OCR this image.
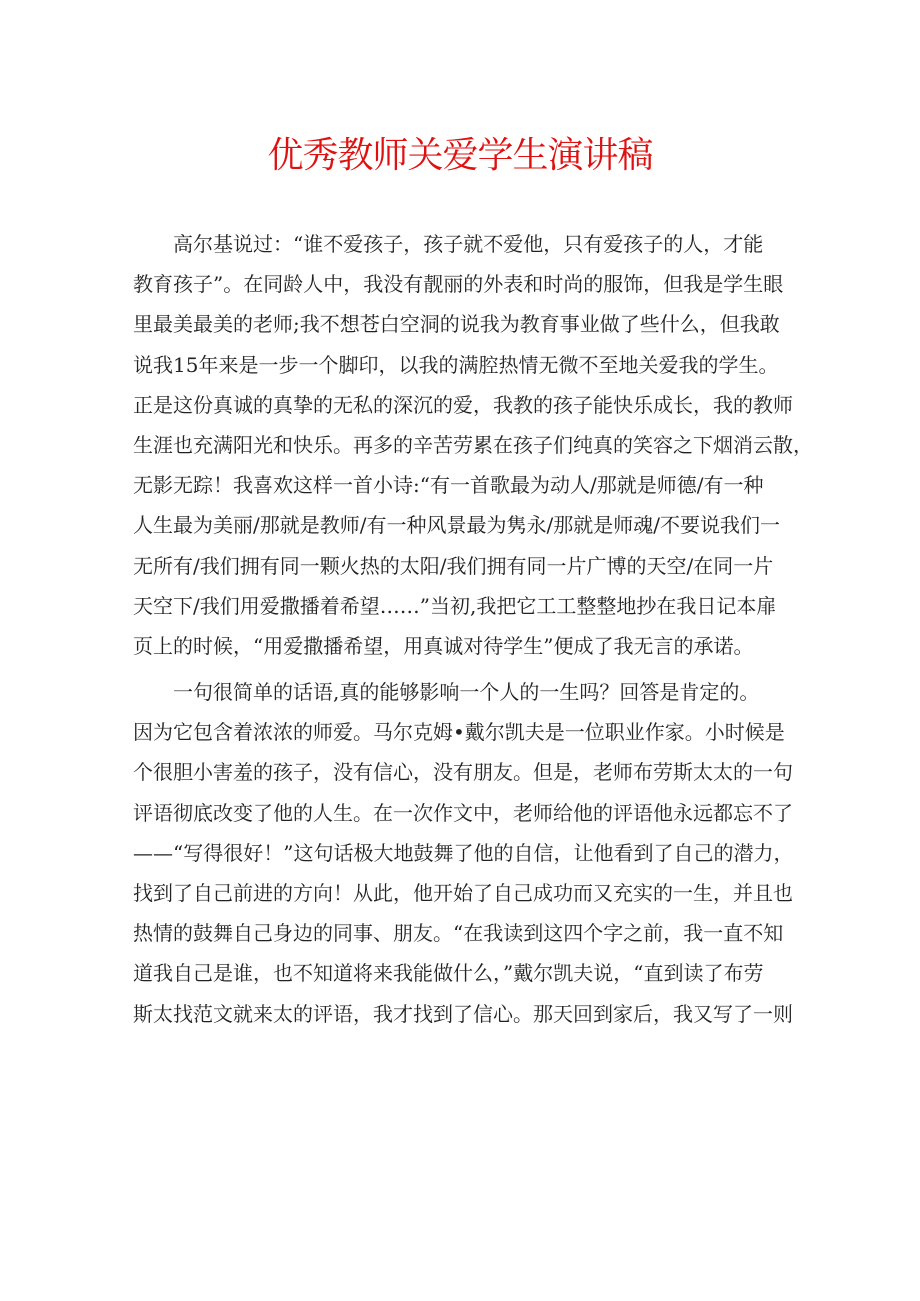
优秀教师关爱学生演讲稿
　　高尔基说过：“谁不爱孩子，孩子就不爱他，只有爱孩子的人，才能
教育孩子”。在同龄人中，我没有靓丽的外表和时尚的服饰，但我是学生眼
里最美最美的老师;我不想苍白空洞的说我为教育事业做了些什么，但我敢
说我15年来是一步一个脚印，以我的满腔热情无微不至地关爱我的学生。
正是这份真诚的真挚的无私的深沉的爱，我教的孩子能快乐成长，我的教师
生涯也充满阳光和快乐。再多的辛苦劳累在孩子们纯真的笑容之下烟消云散，
无影无踪！我喜欢这样一首小诗:“有一首歌最为动人/那就是师德/有一种
人生最为美丽/那就是教师/有一种风景最为隽永/那就是师魂/不要说我们一
无所有/我们拥有同一颗火热的太阳/我们拥有同一片广博的天空/在同一片
天空下/我们用爱撒播着希望……”当初,我把它工工整整地抄在我日记本扉
页上的时候，“用爱撒播希望，用真诚对待学生”便成了我无言的承诺。
　　一句很简单的话语,真的能够影响一个人的一生吗？回答是肯定的。
因为它包含着浓浓的师爱。马尔克姆•戴尔凯夫是一位职业作家。小时候是
个很胆小害羞的孩子，没有信心，没有朋友。但是，老师布劳斯太太的一句
评语彻底改变了他的人生。在一次作文中，老师给他的评语他永远都忘不了
——“写得很好！”这句话极大地鼓舞了他的自信，让他看到了自己的潜力，
找到了自己前进的方向！从此，他开始了自己成功而又充实的一生，并且也
热情的鼓舞自己身边的同事、朋友。“在我读到这四个字之前，我一直不知
道我自己是谁，也不知道将来我能做什么，”戴尔凯夫说，“直到读了布劳
斯太找范文就来太的评语，我才找到了信心。那天回到家后，我又写了一则
